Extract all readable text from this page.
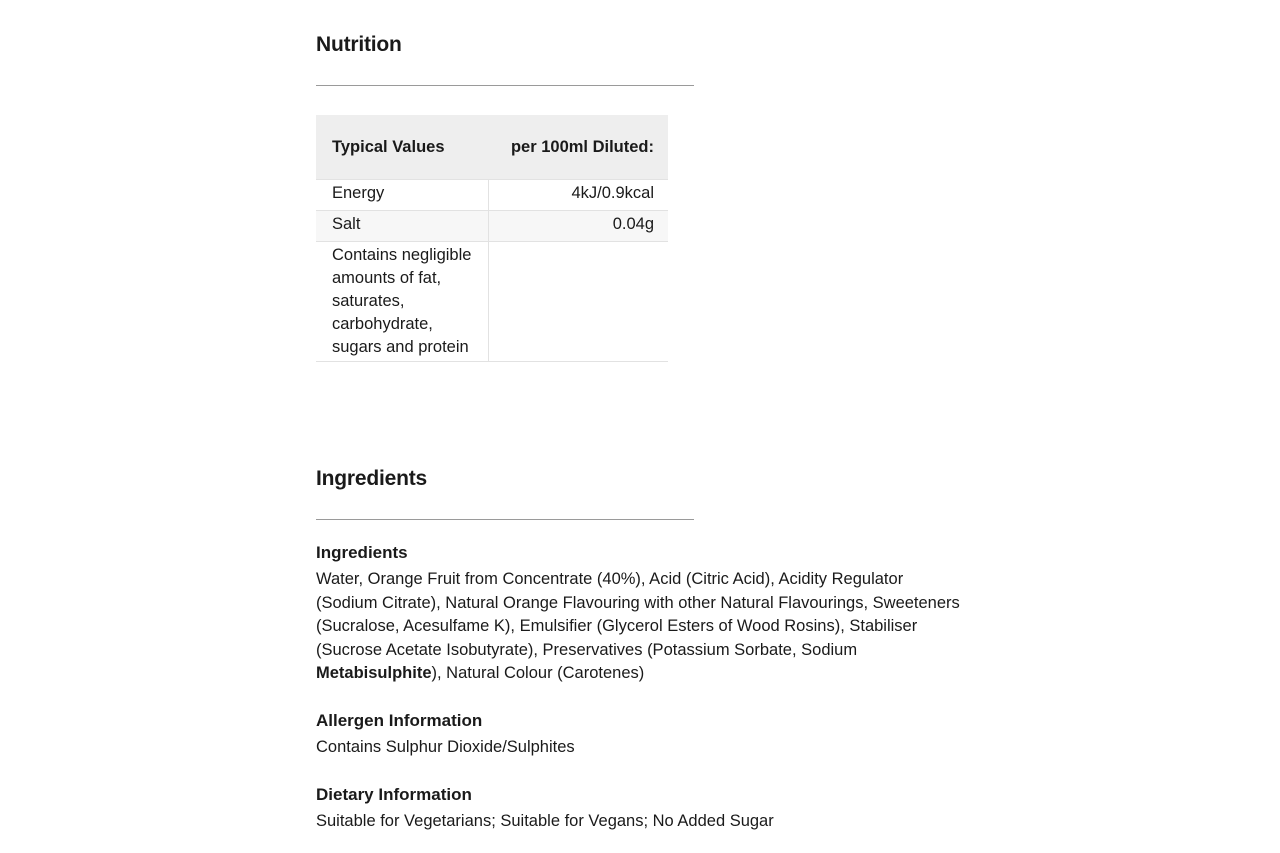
Nutrition
Typical Values	per 100ml Diluted:
Energy	4kJ/0.9kcal
Salt	0.04g
Contains negligible amounts of fat, saturates, carbohydrate, sugars and protein	
Ingredients
Ingredients

Water, Orange Fruit from Concentrate (40%), Acid (Citric Acid), Acidity Regulator (Sodium Citrate), Natural Orange Flavouring with other Natural Flavourings, Sweeteners (Sucralose, Acesulfame K), Emulsifier (Glycerol Esters of Wood Rosins), Stabiliser (Sucrose Acetate Isobutyrate), Preservatives (Potassium Sorbate, Sodium Metabisulphite), Natural Colour (Carotenes)

Allergen Information

Contains Sulphur Dioxide/Sulphites

Dietary Information

Suitable for Vegetarians; Suitable for Vegans; No Added Sugar
